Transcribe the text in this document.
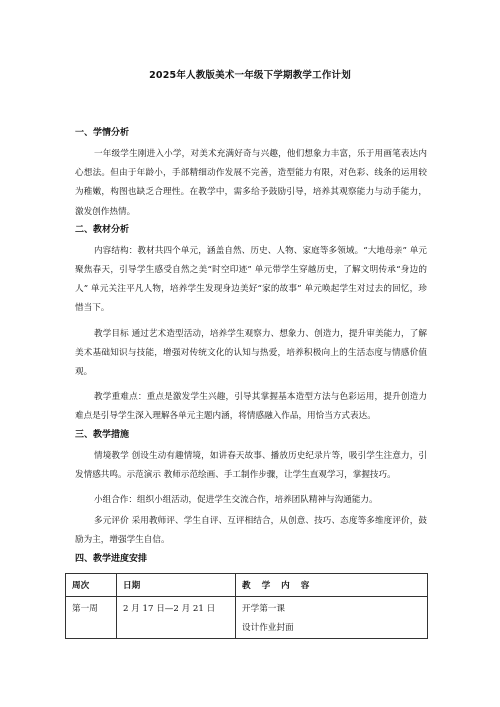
2025年人教版美术一年级下学期教学工作计划
一、学情分析

一年级学生刚进入小学，对美术充满好奇与兴趣，他们想象力丰富，乐于用画笔表达内心想法。但由于年龄小，手部精细动作发展不完善，造型能力有限，对色彩、线条的运用较为稚嫩，构图也缺乏合理性。在教学中，需多给予鼓励引导，培养其观察能力与动手能力，激发创作热情。

二、教材分析

内容结构：教材共四个单元，涵盖自然、历史、人物、家庭等多领域。“大地母亲” 单元聚焦春天，引导学生感受自然之美“时空印迹” 单元带学生穿越历史，了解文明传承“身边的人” 单元关注平凡人物，培养学生发现身边美好“家的故事” 单元唤起学生对过去的回忆，珍惜当下。

教学目标 通过艺术造型活动，培养学生观察力、想象力、创造力，提升审美能力，了解美术基础知识与技能，增强对传统文化的认知与热爱，培养积极向上的生活态度与情感价值观。

教学重难点：重点是激发学生兴趣，引导其掌握基本造型方法与色彩运用，提升创造力 难点是引导学生深入理解各单元主题内涵，将情感融入作品，用恰当方式表达。

三、教学措施

情境教学 创设生动有趣情境，如讲春天故事、播放历史纪录片等，吸引学生注意力，引发情感共鸣。示范演示 教师示范绘画、手工制作步骤，让学生直观学习，掌握技巧。

小组合作：组织小组活动，促进学生交流合作，培养团队精神与沟通能力。

多元评价 采用教师评、学生自评、互评相结合，从创意、技巧、态度等多维度评价，鼓励为主，增强学生自信。

四、教学进度安排
周次	日期	教 学 内 容
第一周	2 月 17 日—2 月 21 日	开学第一课
设计作业封面
